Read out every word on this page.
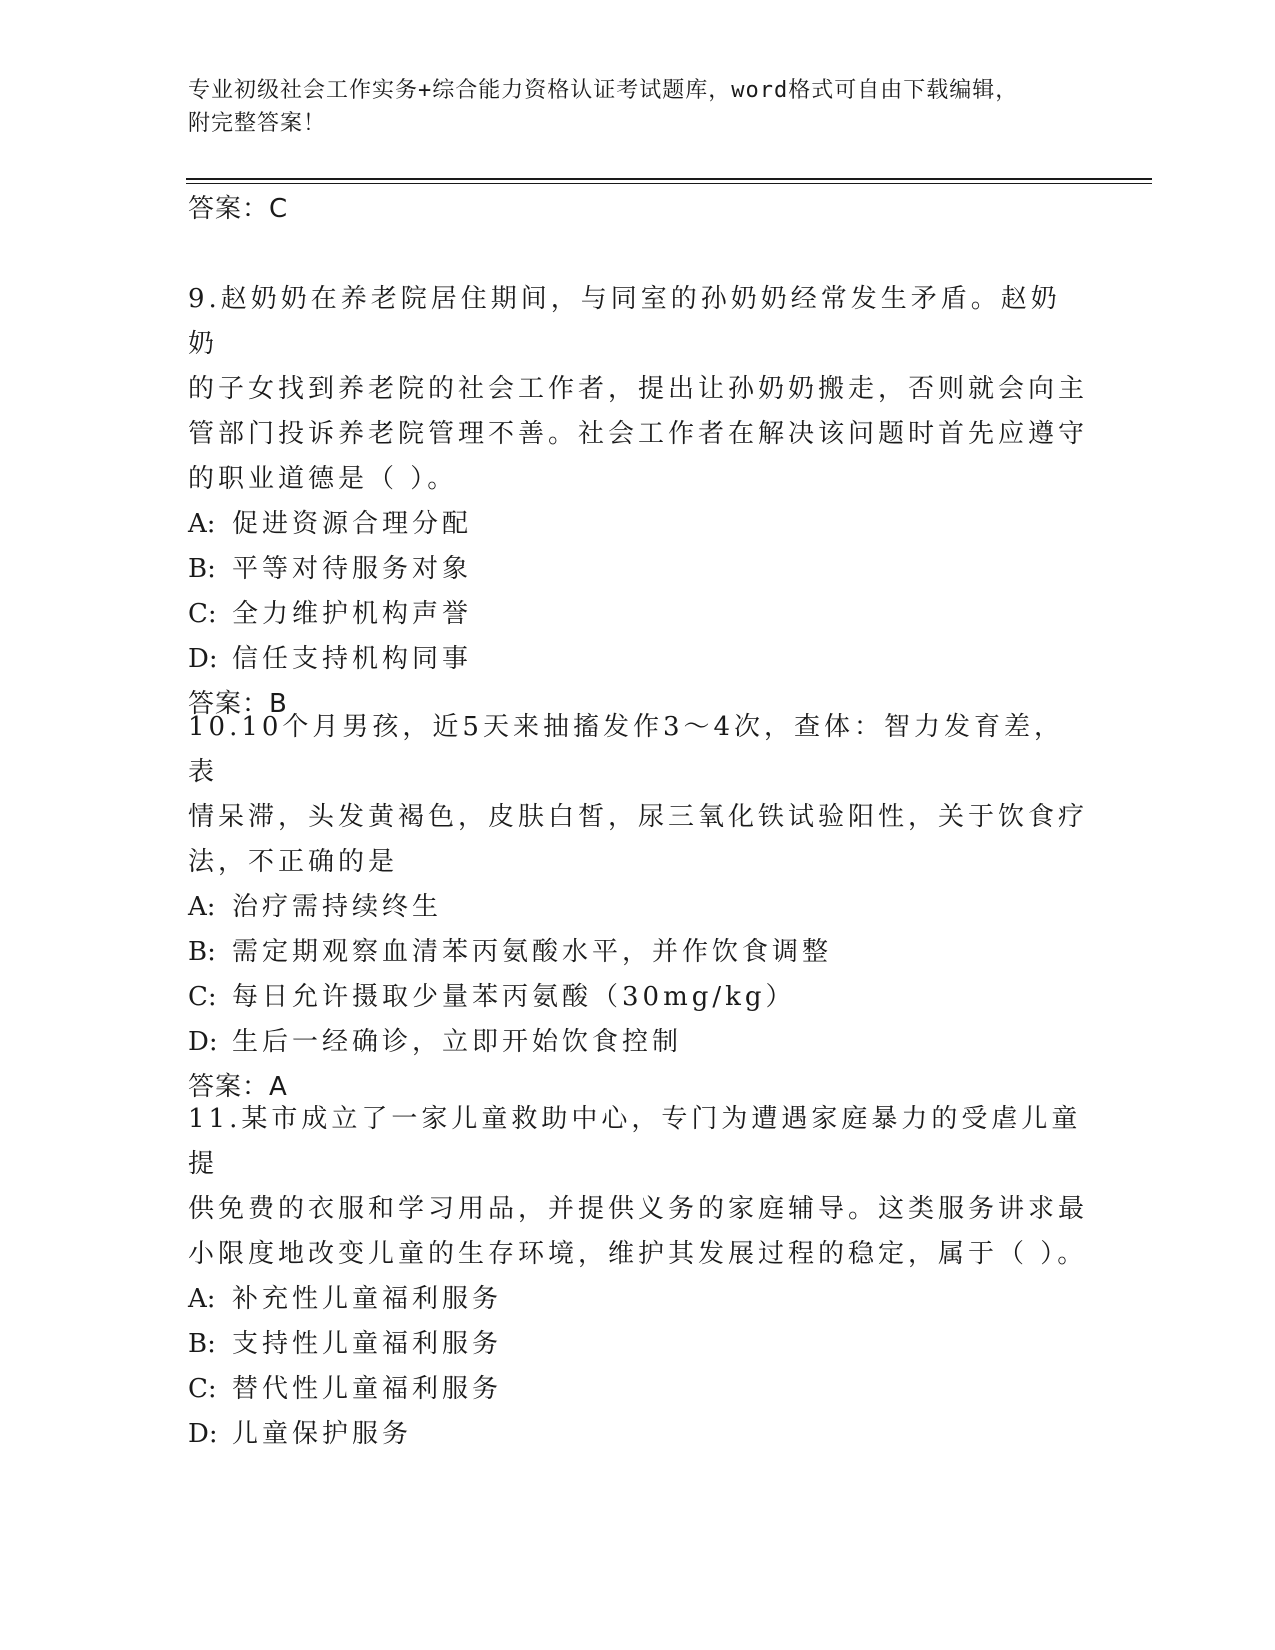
专业初级社会工作实务+综合能力资格认证考试题库，word格式可自由下载编辑，
附完整答案！
答案：C
9.赵奶奶在养老院居住期间，与同室的孙奶奶经常发生矛盾。赵奶奶
的子女找到养老院的社会工作者，提出让孙奶奶搬走，否则就会向主
管部门投诉养老院管理不善。社会工作者在解决该问题时首先应遵守
的职业道德是（ ）。
A: 促进资源合理分配
B: 平等对待服务对象
C: 全力维护机构声誉
D: 信任支持机构同事
答案：B
10.10个月男孩，近5天来抽搐发作3～4次，查体：智力发育差，表
情呆滞，头发黄褐色，皮肤白皙，尿三氧化铁试验阳性，关于饮食疗
法，不正确的是
A: 治疗需持续终生
B: 需定期观察血清苯丙氨酸水平，并作饮食调整
C: 每日允许摄取少量苯丙氨酸（30mg/kg）
D: 生后一经确诊，立即开始饮食控制
答案：A
11.某市成立了一家儿童救助中心，专门为遭遇家庭暴力的受虐儿童提
供免费的衣服和学习用品，并提供义务的家庭辅导。这类服务讲求最
小限度地改变儿童的生存环境，维护其发展过程的稳定，属于（ ）。
A: 补充性儿童福利服务
B: 支持性儿童福利服务
C: 替代性儿童福利服务
D: 儿童保护服务
